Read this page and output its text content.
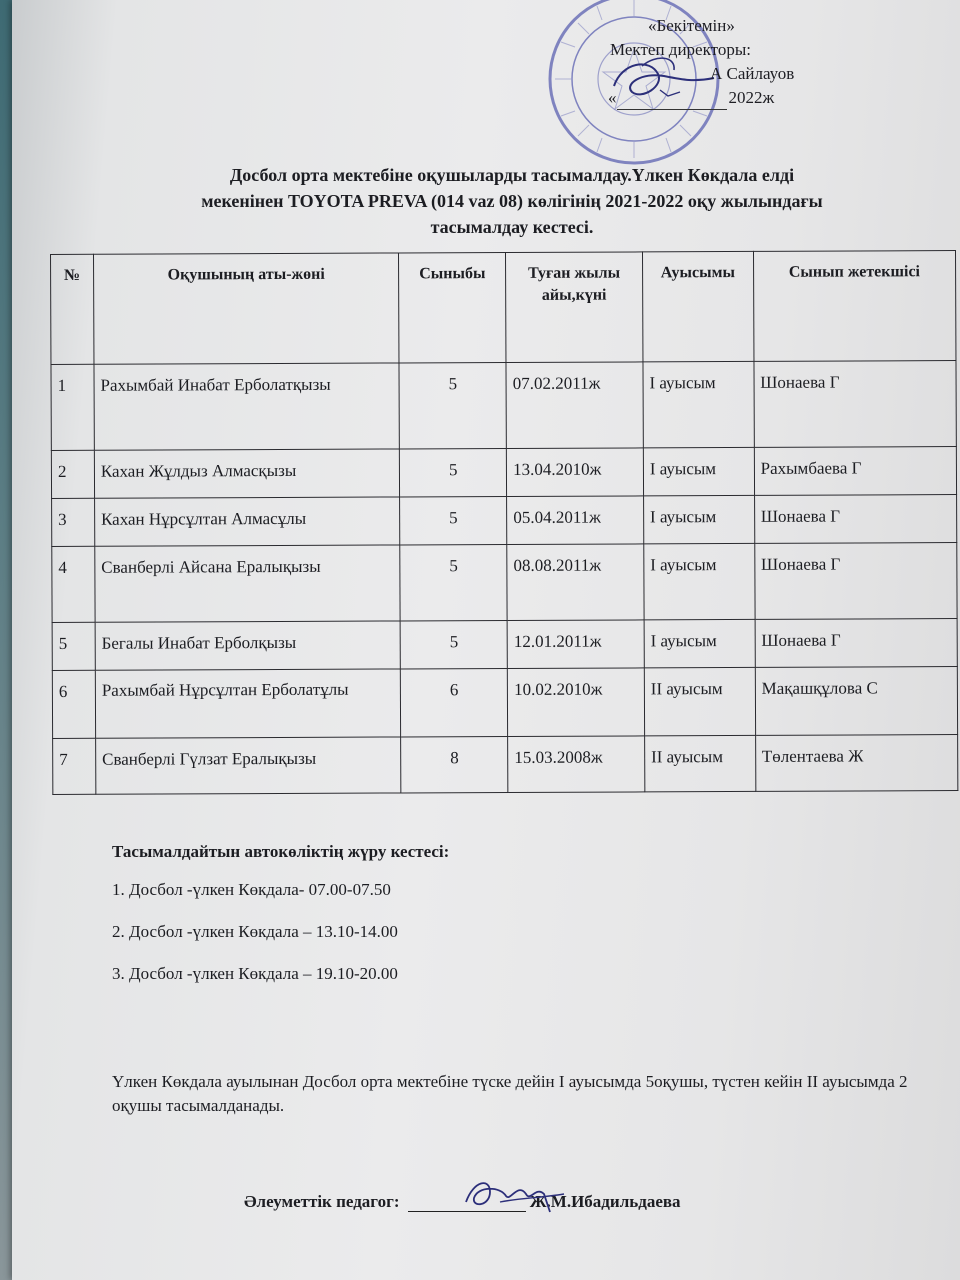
«Бекітемін»
Мектеп директоры:
А Сайлауов
«	2022ж
Досбол орта мектебіне оқушыларды тасымалдау.Үлкен Көкдала елді
мекенінен TOYOTA PREVA (014 vaz 08) көлігінің 2021-2022 оқу жылындағы
тасымалдау кестесі.
№	Оқушының аты-жөні	Сыныбы	Туған жылы айы,күні	Ауысымы	Сынып жетекшісі
1	Рахымбай Инабат Ерболатқызы	5	07.02.2011ж	І ауысым	Шонаева Г
2	Кахан Жұлдыз Алмасқызы	5	13.04.2010ж	І ауысым	Рахымбаева Г
3	Кахан Нұрсұлтан Алмасұлы	5	05.04.2011ж	І ауысым	Шонаева Г
4	Сванберлі Айсана Ералықызы	5	08.08.2011ж	І ауысым	Шонаева Г
5	Бегалы Инабат Ерболқызы	5	12.01.2011ж	І ауысым	Шонаева Г
6	Рахымбай Нұрсұлтан Ерболатұлы	6	10.02.2010ж	ІІ ауысым	Мақашқұлова С
7	Сванберлі Гүлзат Ералықызы	8	15.03.2008ж	ІІ ауысым	Төлентаева Ж
Тасымалдайтын автокөліктің жүру кестесі:
1. Досбол -үлкен Көкдала- 07.00-07.50
2. Досбол -үлкен Көкдала – 13.10-14.00
3. Досбол -үлкен Көкдала – 19.10-20.00
Үлкен Көкдала ауылынан Досбол орта мектебіне түске дейін І ауысымда 5оқушы, түстен кейін ІІ ауысымда 2 оқушы тасымалданады.
Әлеуметтік педагог:	Ж.М.Ибадильдаева
